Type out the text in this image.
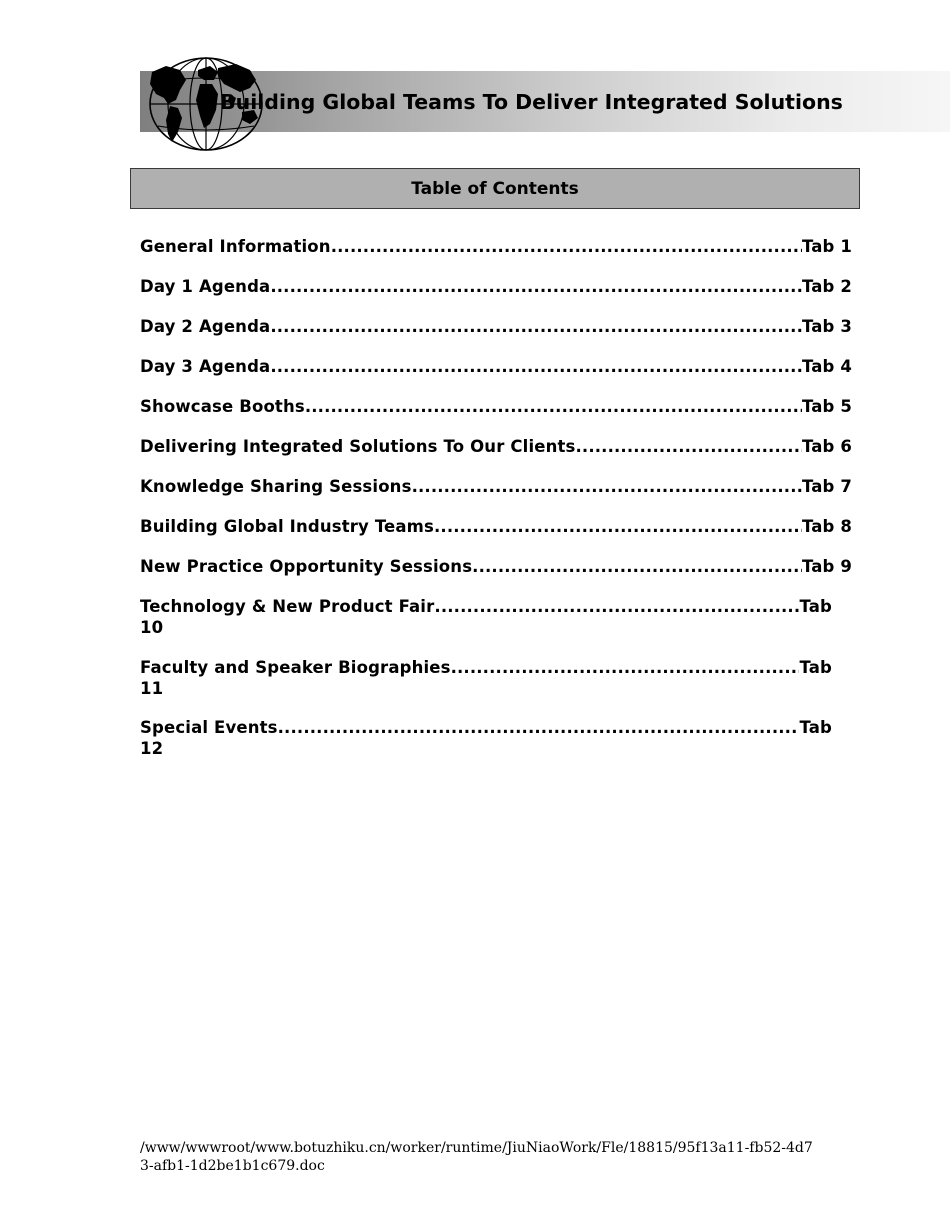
Building Global Teams To Deliver Integrated Solutions
Table of Contents
General Information .....	Tab 1
Day 1 Agenda .....	Tab 2
Day 2 Agenda .....	Tab 3
Day 3 Agenda .....	Tab 4
Showcase Booths .....	Tab 5
Delivering Integrated Solutions To Our Clients .....	Tab 6
Knowledge Sharing Sessions .....	Tab 7
Building Global Industry Teams .....	Tab 8
New Practice Opportunity Sessions .....	Tab 9
Technology & New Product Fair .....	Tab
10
Faculty and Speaker Biographies .....	Tab
11
Special Events .....	Tab
12
/www/wwwroot/www.botuzhiku.cn/worker/runtime/JiuNiaoWork/Fle/18815/95f13a11-fb52-4d73-afb1-1d2be1b1c679.doc
